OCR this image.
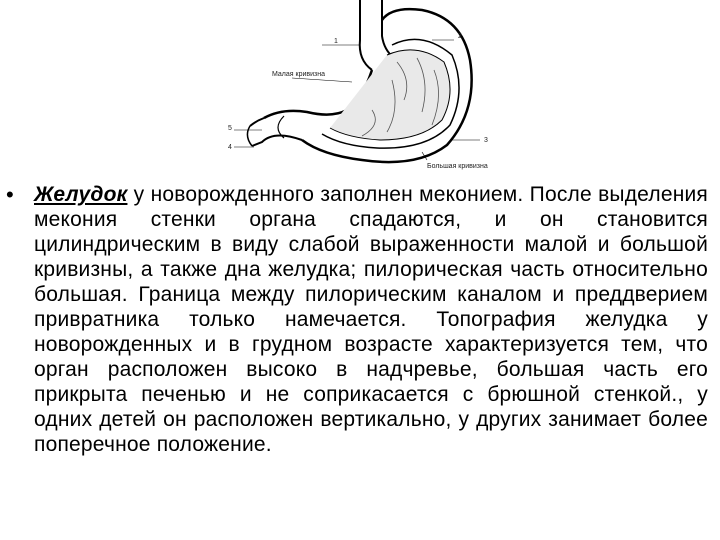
1
2
Малая кривизна
5
4
3
Большая кривизна
• Желудок у новорожденного заполнен меконием. После выделения мекония стенки органа спадаются, и он становится цилиндрическим в виду слабой выраженности малой и большой кривизны, а также дна желудка; пилорическая часть относительно большая. Граница между пилорическим каналом и преддверием привратника только намечается. Топография желудка у новорожденных и в грудном возрасте характеризуется тем, что орган расположен высоко в надчревье, большая часть его прикрыта печенью и не соприкасается с брюшной стенкой., у одних детей он расположен вертикально, у других занимает более поперечное положение.
